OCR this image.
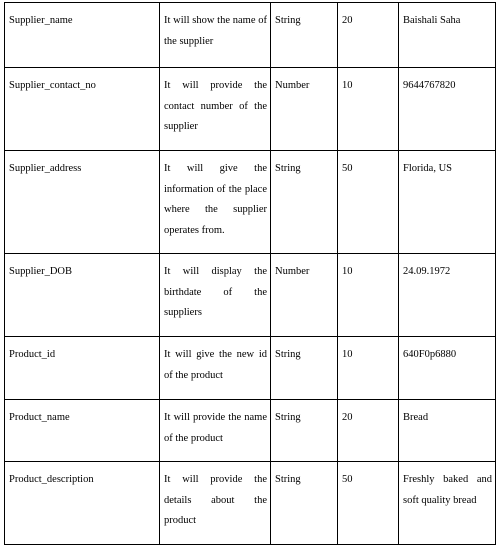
Supplier_name	It will show the name of the supplier	String	20	Baishali Saha
Supplier_contact_no	It will provide the contact number of the supplier	Number	10	9644767820
Supplier_address	It will give the information of the place where the supplier operates from.	String	50	Florida, US
Supplier_DOB	It will display the birthdate of the suppliers	Number	10	24.09.1972
Product_id	It will give the new id of the product	String	10	640F0p6880
Product_name	It will provide the name of the product	String	20	Bread
Product_description	It will provide the details about the product	String	50	Freshly baked and soft quality bread
